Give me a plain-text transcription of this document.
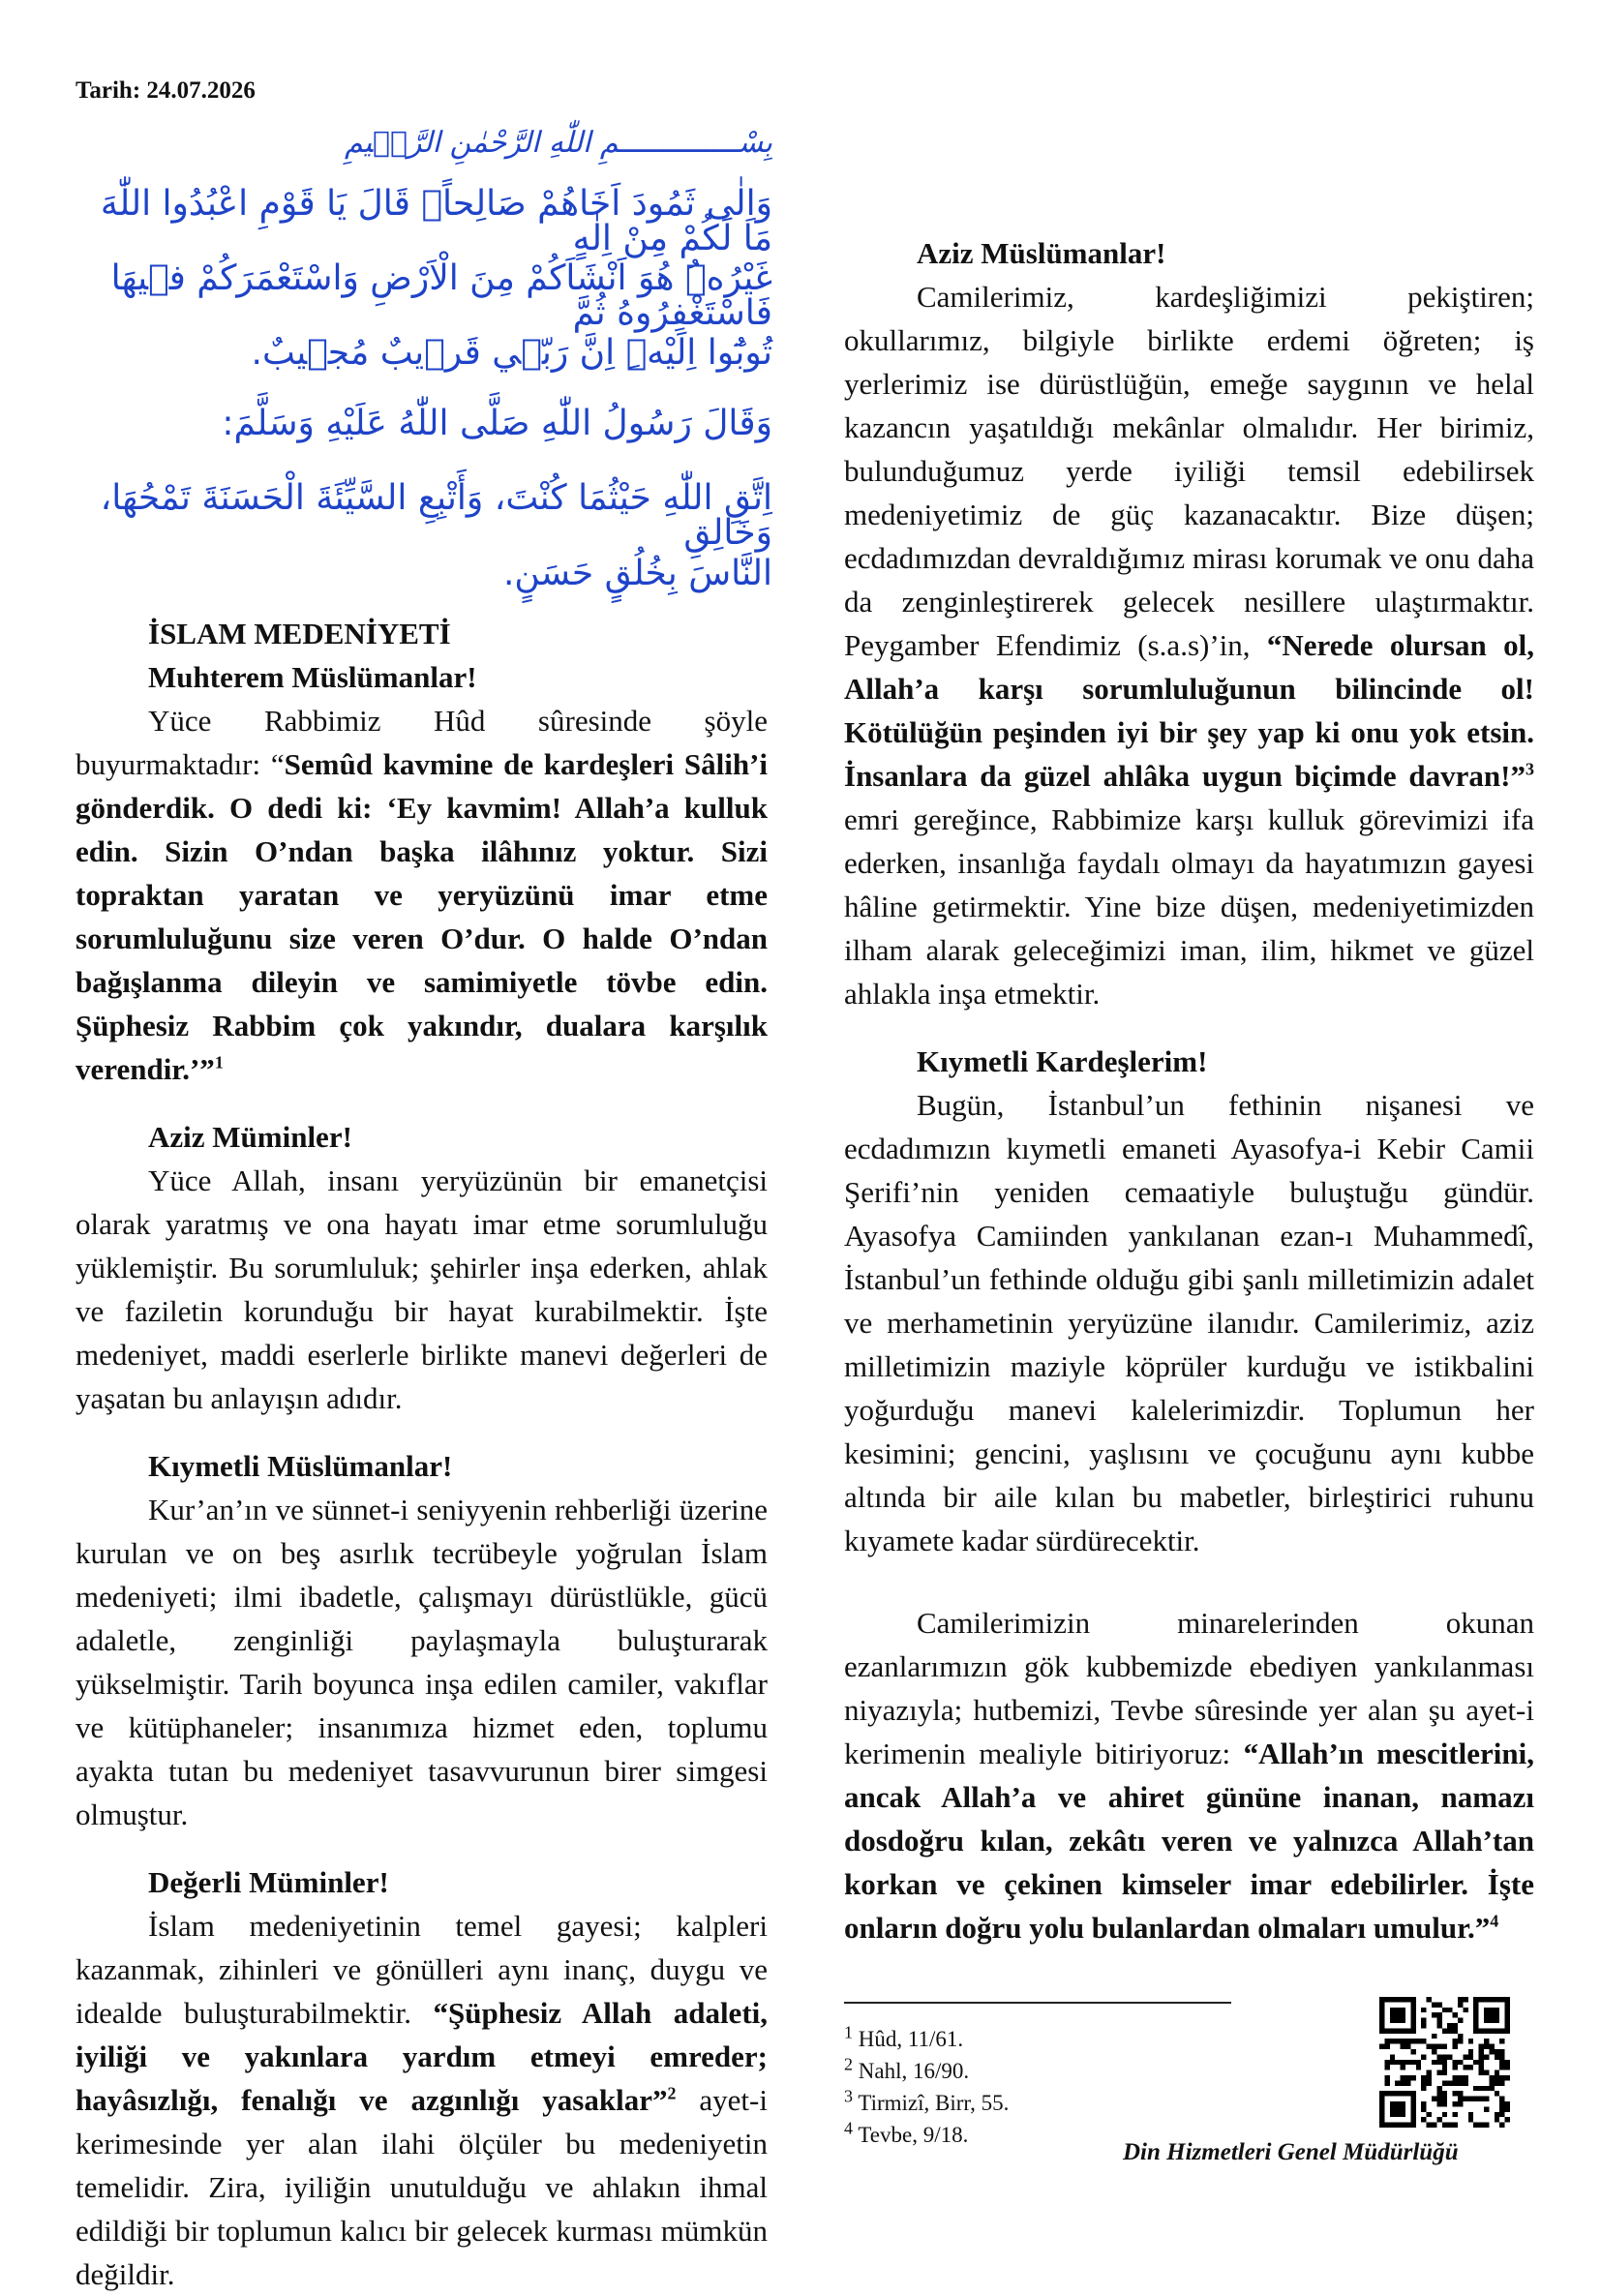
Tarih: 24.07.2026
بِسْــــــــــــــمِ اللّٰهِ الرَّحْمٰنِ الرَّح۪يمِ
وَاِلٰى ثَمُودَ اَخَاهُمْ صَالِحاًۢ قَالَ يَا قَوْمِ اعْبُدُوا اللّٰهَ مَا لَكُمْ مِنْ اِلٰهٍ
غَيْرُهُۜ هُوَ اَنْشَاَكُمْ مِنَ الْاَرْضِ وَاسْتَعْمَرَكُمْ ف۪يهَا فَاسْتَغْفِرُوهُ ثُمَّ
تُوبُٓوا اِلَيْهِۜ اِنَّ رَبّ۪ي قَر۪يبٌ مُج۪يبٌ.
وَقَالَ رَسُولُ اللّٰهِ صَلَّى اللّٰهُ عَلَيْهِ وَسَلَّمَ:
اِتَّقِ اللّٰهِ حَيْثُمَا كُنْتَ، وَأَتْبِعِ السَّيِّئَةَ الْحَسَنَةَ تَمْحُهَا، وَخَالِقِ
النَّاسَ بِخُلُقٍ حَسَنٍ.
İSLAM MEDENİYETİ
Muhterem Müslümanlar!

Yüce Rabbimiz Hûd sûresinde şöyle buyurmaktadır: “Semûd kavmine de kardeşleri Sâlih’i gönderdik. O dedi ki: ‘Ey kavmim! Allah’a kulluk edin. Sizin O’ndan başka ilâhınız yoktur. Sizi topraktan yaratan ve yeryüzünü imar etme sorumluluğunu size veren O’dur. O halde O’ndan bağışlanma dileyin ve samimiyetle tövbe edin. Şüphesiz Rabbim çok yakındır, dualara karşılık verendir.’”$^1$

Aziz Müminler!

Yüce Allah, insanı yeryüzünün bir emanetçisi olarak yaratmış ve ona hayatı imar etme sorumluluğu yüklemiştir. Bu sorumluluk; şehirler inşa ederken, ahlak ve faziletin korunduğu bir hayat kurabilmektir. İşte medeniyet, maddi eserlerle birlikte manevi değerleri de yaşatan bu anlayışın adıdır.

Kıymetli Müslümanlar!

Kur’an’ın ve sünnet-i seniyyenin rehberliği üzerine kurulan ve on beş asırlık tecrübeyle yoğrulan İslam medeniyeti; ilmi ibadetle, çalışmayı dürüstlükle, gücü adaletle, zenginliği paylaşmayla buluşturarak yükselmiştir. Tarih boyunca inşa edilen camiler, vakıflar ve kütüphaneler; insanımıza hizmet eden, toplumu ayakta tutan bu medeniyet tasavvurunun birer simgesi olmuştur.

Değerli Müminler!

İslam medeniyetinin temel gayesi; kalpleri kazanmak, zihinleri ve gönülleri aynı inanç, duygu ve idealde buluşturabilmektir. “Şüphesiz Allah adaleti, iyiliği ve yakınlara yardım etmeyi emreder; hayâsızlığı, fenalığı ve azgınlığı yasaklar”$^2$ ayet-i kerimesinde yer alan ilahi ölçüler bu medeniyetin temelidir. Zira, iyiliğin unutulduğu ve ahlakın ihmal edildiği bir toplumun kalıcı bir gelecek kurması mümkün değildir.

Aziz Müslümanlar!

Camilerimiz, kardeşliğimizi pekiştiren; okullarımız, bilgiyle birlikte erdemi öğreten; iş yerlerimiz ise dürüstlüğün, emeğe saygının ve helal kazancın yaşatıldığı mekânlar olmalıdır. Her birimiz, bulunduğumuz yerde iyiliği temsil edebilirsek medeniyetimiz de güç kazanacaktır. Bize düşen; ecdadımızdan devraldığımız mirası korumak ve onu daha da zenginleştirerek gelecek nesillere ulaştırmaktır. Peygamber Efendimiz (s.a.s)’in, “Nerede olursan ol, Allah’a karşı sorumluluğunun bilincinde ol! Kötülüğün peşinden iyi bir şey yap ki onu yok etsin. İnsanlara da güzel ahlâka uygun biçimde davran!”$^3$ emri gereğince, Rabbimize karşı kulluk görevimizi ifa ederken, insanlığa faydalı olmayı da hayatımızın gayesi hâline getirmektir. Yine bize düşen, medeniyetimizden ilham alarak geleceğimizi iman, ilim, hikmet ve güzel ahlakla inşa etmektir.

Kıymetli Kardeşlerim!

Bugün, İstanbul’un fethinin nişanesi ve ecdadımızın kıymetli emaneti Ayasofya-i Kebir Camii Şerifi’nin yeniden cemaatiyle buluştuğu gündür. Ayasofya Camiinden yankılanan ezan-ı Muhammedî, İstanbul’un fethinde olduğu gibi şanlı milletimizin adalet ve merhametinin yeryüzüne ilanıdır. Camilerimiz, aziz milletimizin maziyle köprüler kurduğu ve istikbalini yoğurduğu manevi kalelerimizdir. Toplumun her kesimini; gencini, yaşlısını ve çocuğunu aynı kubbe altında bir aile kılan bu mabetler, birleştirici ruhunu kıyamete kadar sürdürecektir.

Camilerimizin minarelerinden okunan ezanlarımızın gök kubbemizde ebediyen yankılanması niyazıyla; hutbemizi, Tevbe sûresinde yer alan şu ayet-i kerimenin mealiyle bitiriyoruz: “Allah’ın mescitlerini, ancak Allah’a ve ahiret gününe inanan, namazı dosdoğru kılan, zekâtı veren ve yalnızca Allah’tan korkan ve çekinen kimseler imar edebilirler. İşte onların doğru yolu bulanlardan olmaları umulur.”$^4$

$^1$ Hûd, 11/61.
$^2$ Nahl, 16/90.
$^3$ Tirmizî, Birr, 55.
$^4$ Tevbe, 9/18.
Din Hizmetleri Genel Müdürlüğü
